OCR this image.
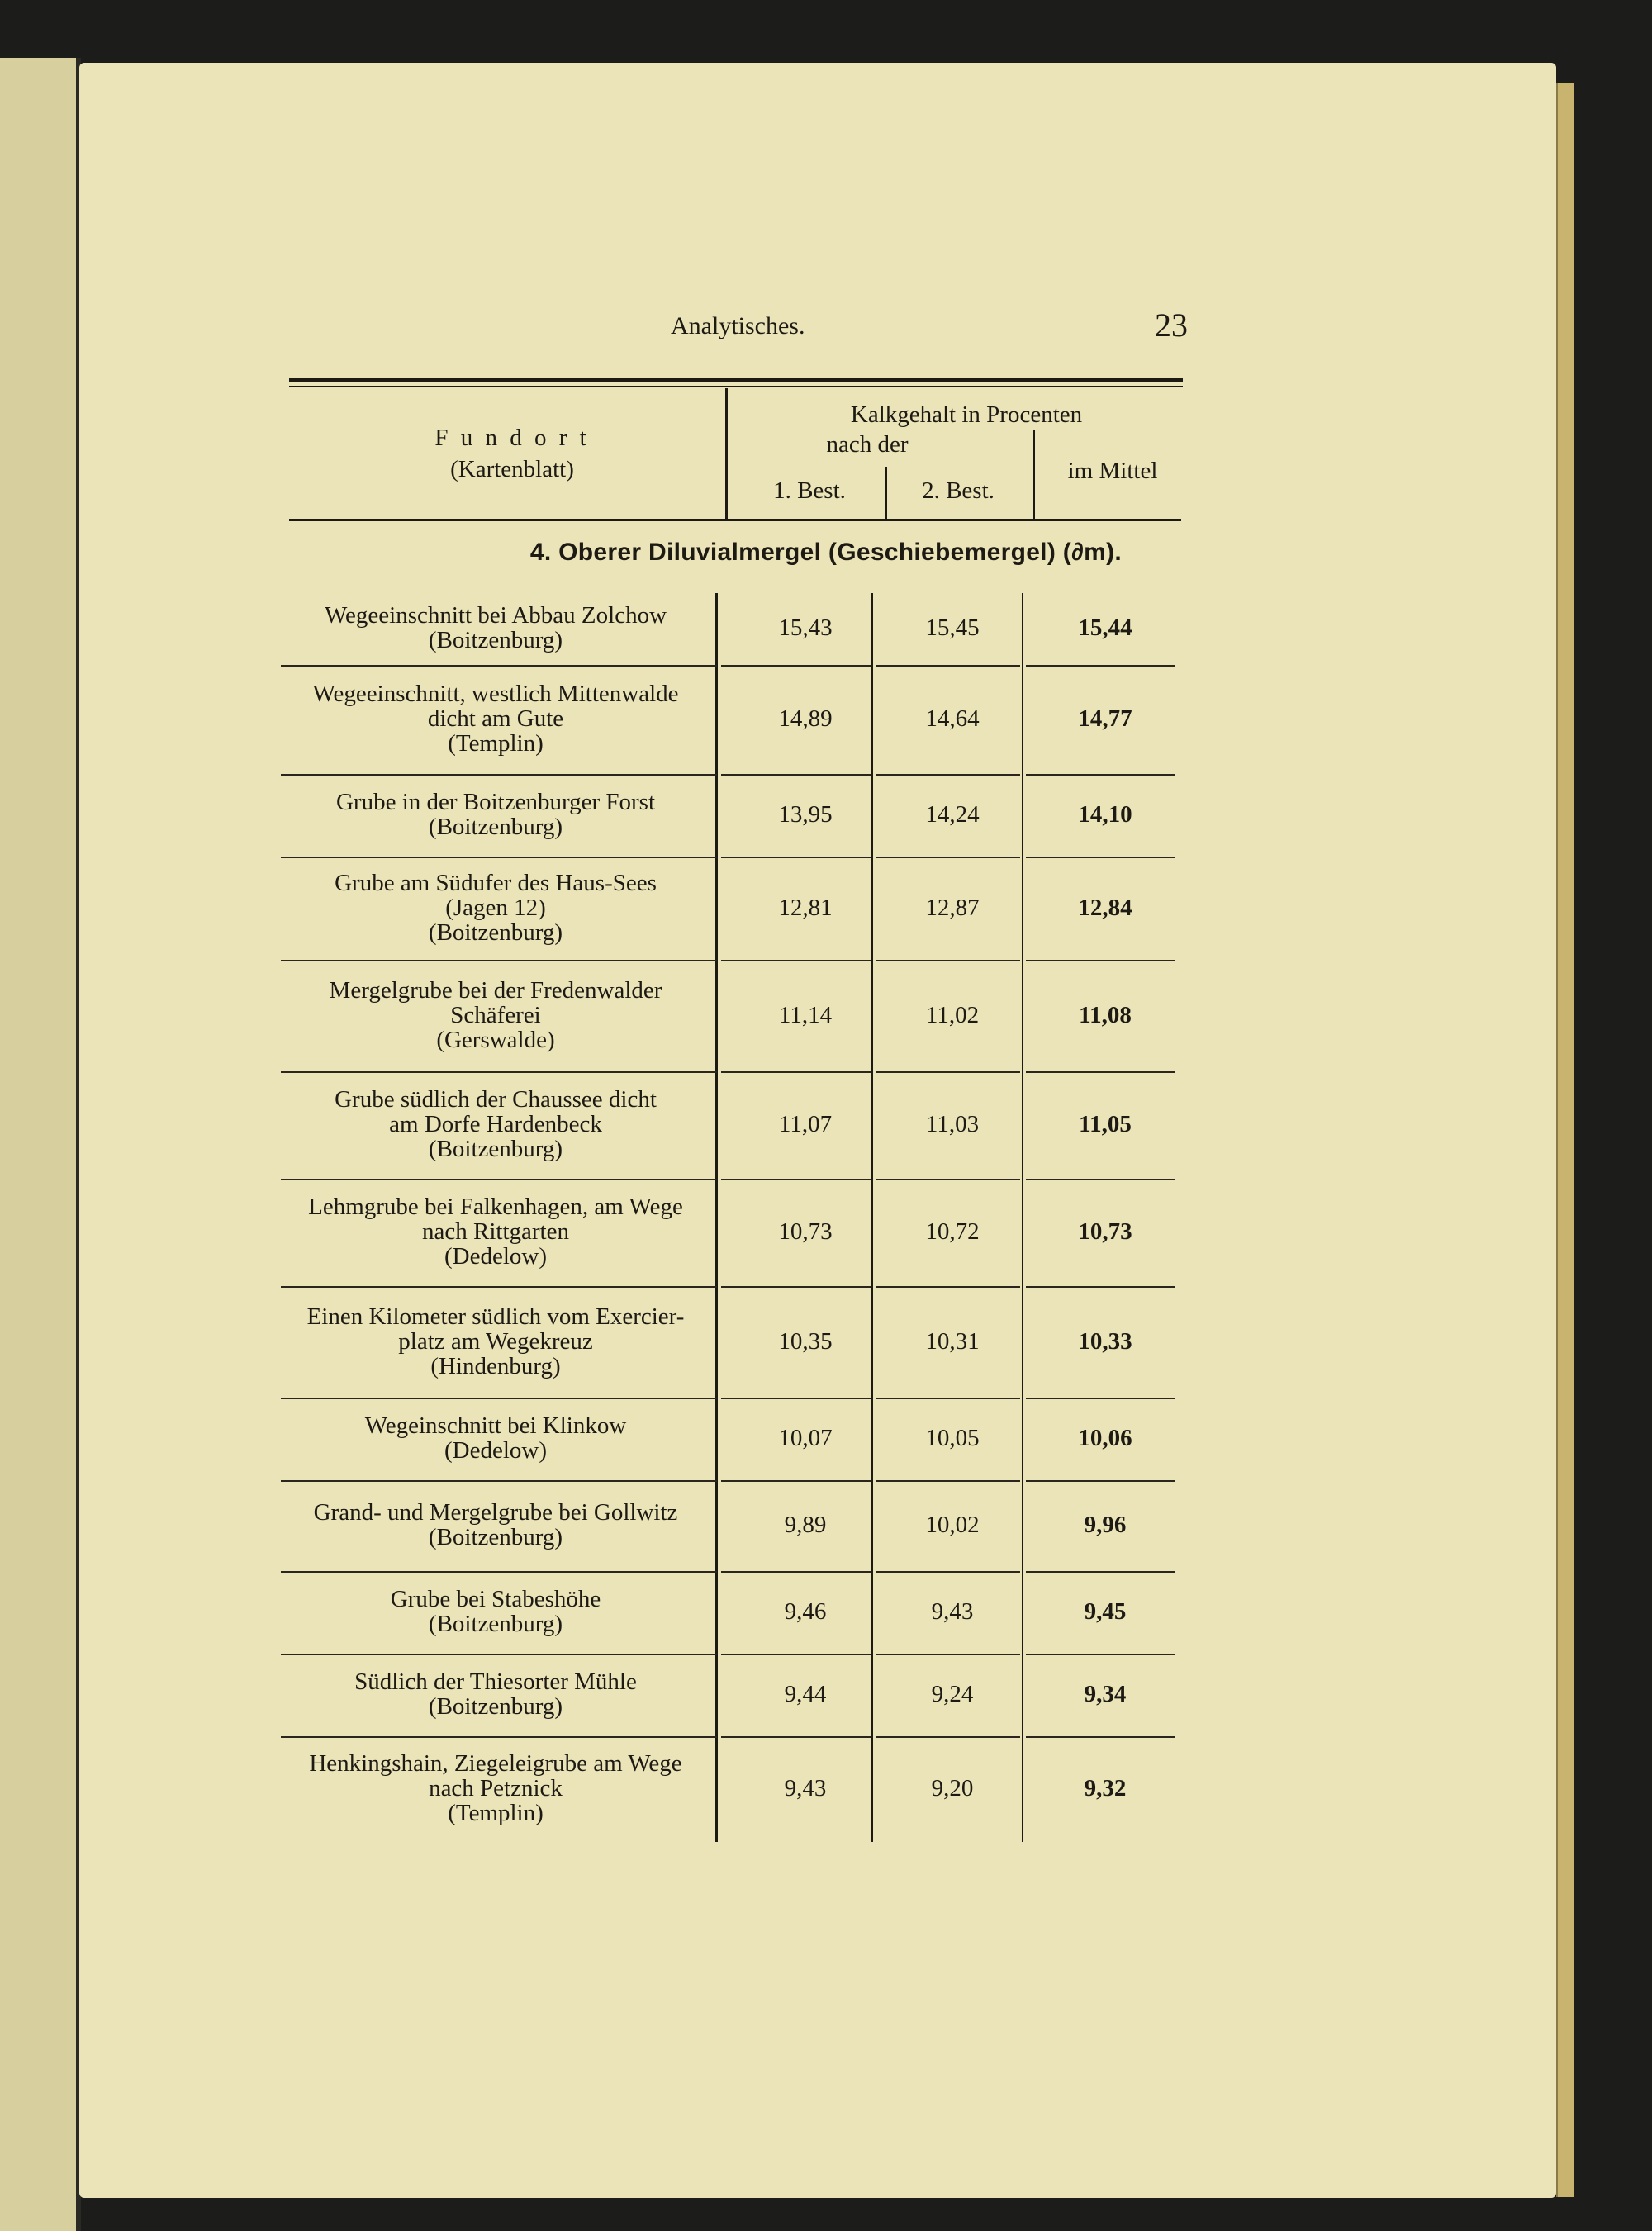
Analytisches.	23
F u n d o r t
(Kartenblatt)
Kalkgehalt in Procenten
nach der
1. Best.	2. Best.
im Mittel
4. Oberer Diluvialmergel (Geschiebemergel) (∂m).
Wegeeinschnitt bei Abbau Zolchow
(Boitzenburg)	15,43	15,45	15,44
Wegeeinschnitt, westlich Mittenwalde
dicht am Gute
(Templin)
14,89	14,64	14,77
Grube in der Boitzenburger Forst
(Boitzenburg)	13,95	14,24	14,10
Grube am Südufer des Haus-Sees
(Jagen 12)
(Boitzenburg)
12,81	12,87	12,84
Mergelgrube bei der Fredenwalder
Schäferei
(Gerswalde)
11,14	11,02	11,08
Grube südlich der Chaussee dicht
am Dorfe Hardenbeck
(Boitzenburg)
11,07	11,03	11,05
Lehmgrube bei Falkenhagen, am Wege
nach Rittgarten
(Dedelow)
10,73	10,72	10,73
Einen Kilometer südlich vom Exercier-
platz am Wegekreuz
(Hindenburg)
10,35	10,31	10,33
Wegeinschnitt bei Klinkow
(Dedelow)	10,07	10,05	10,06
Grand- und Mergelgrube bei Gollwitz
(Boitzenburg)	9,89	10,02	9,96
Grube bei Stabeshöhe
(Boitzenburg)	9,46	9,43	9,45
Südlich der Thiesorter Mühle
(Boitzenburg)	9,44	9,24	9,34
Henkingshain, Ziegeleigrube am Wege
nach Petznick
(Templin)
9,43	9,20	9,32
